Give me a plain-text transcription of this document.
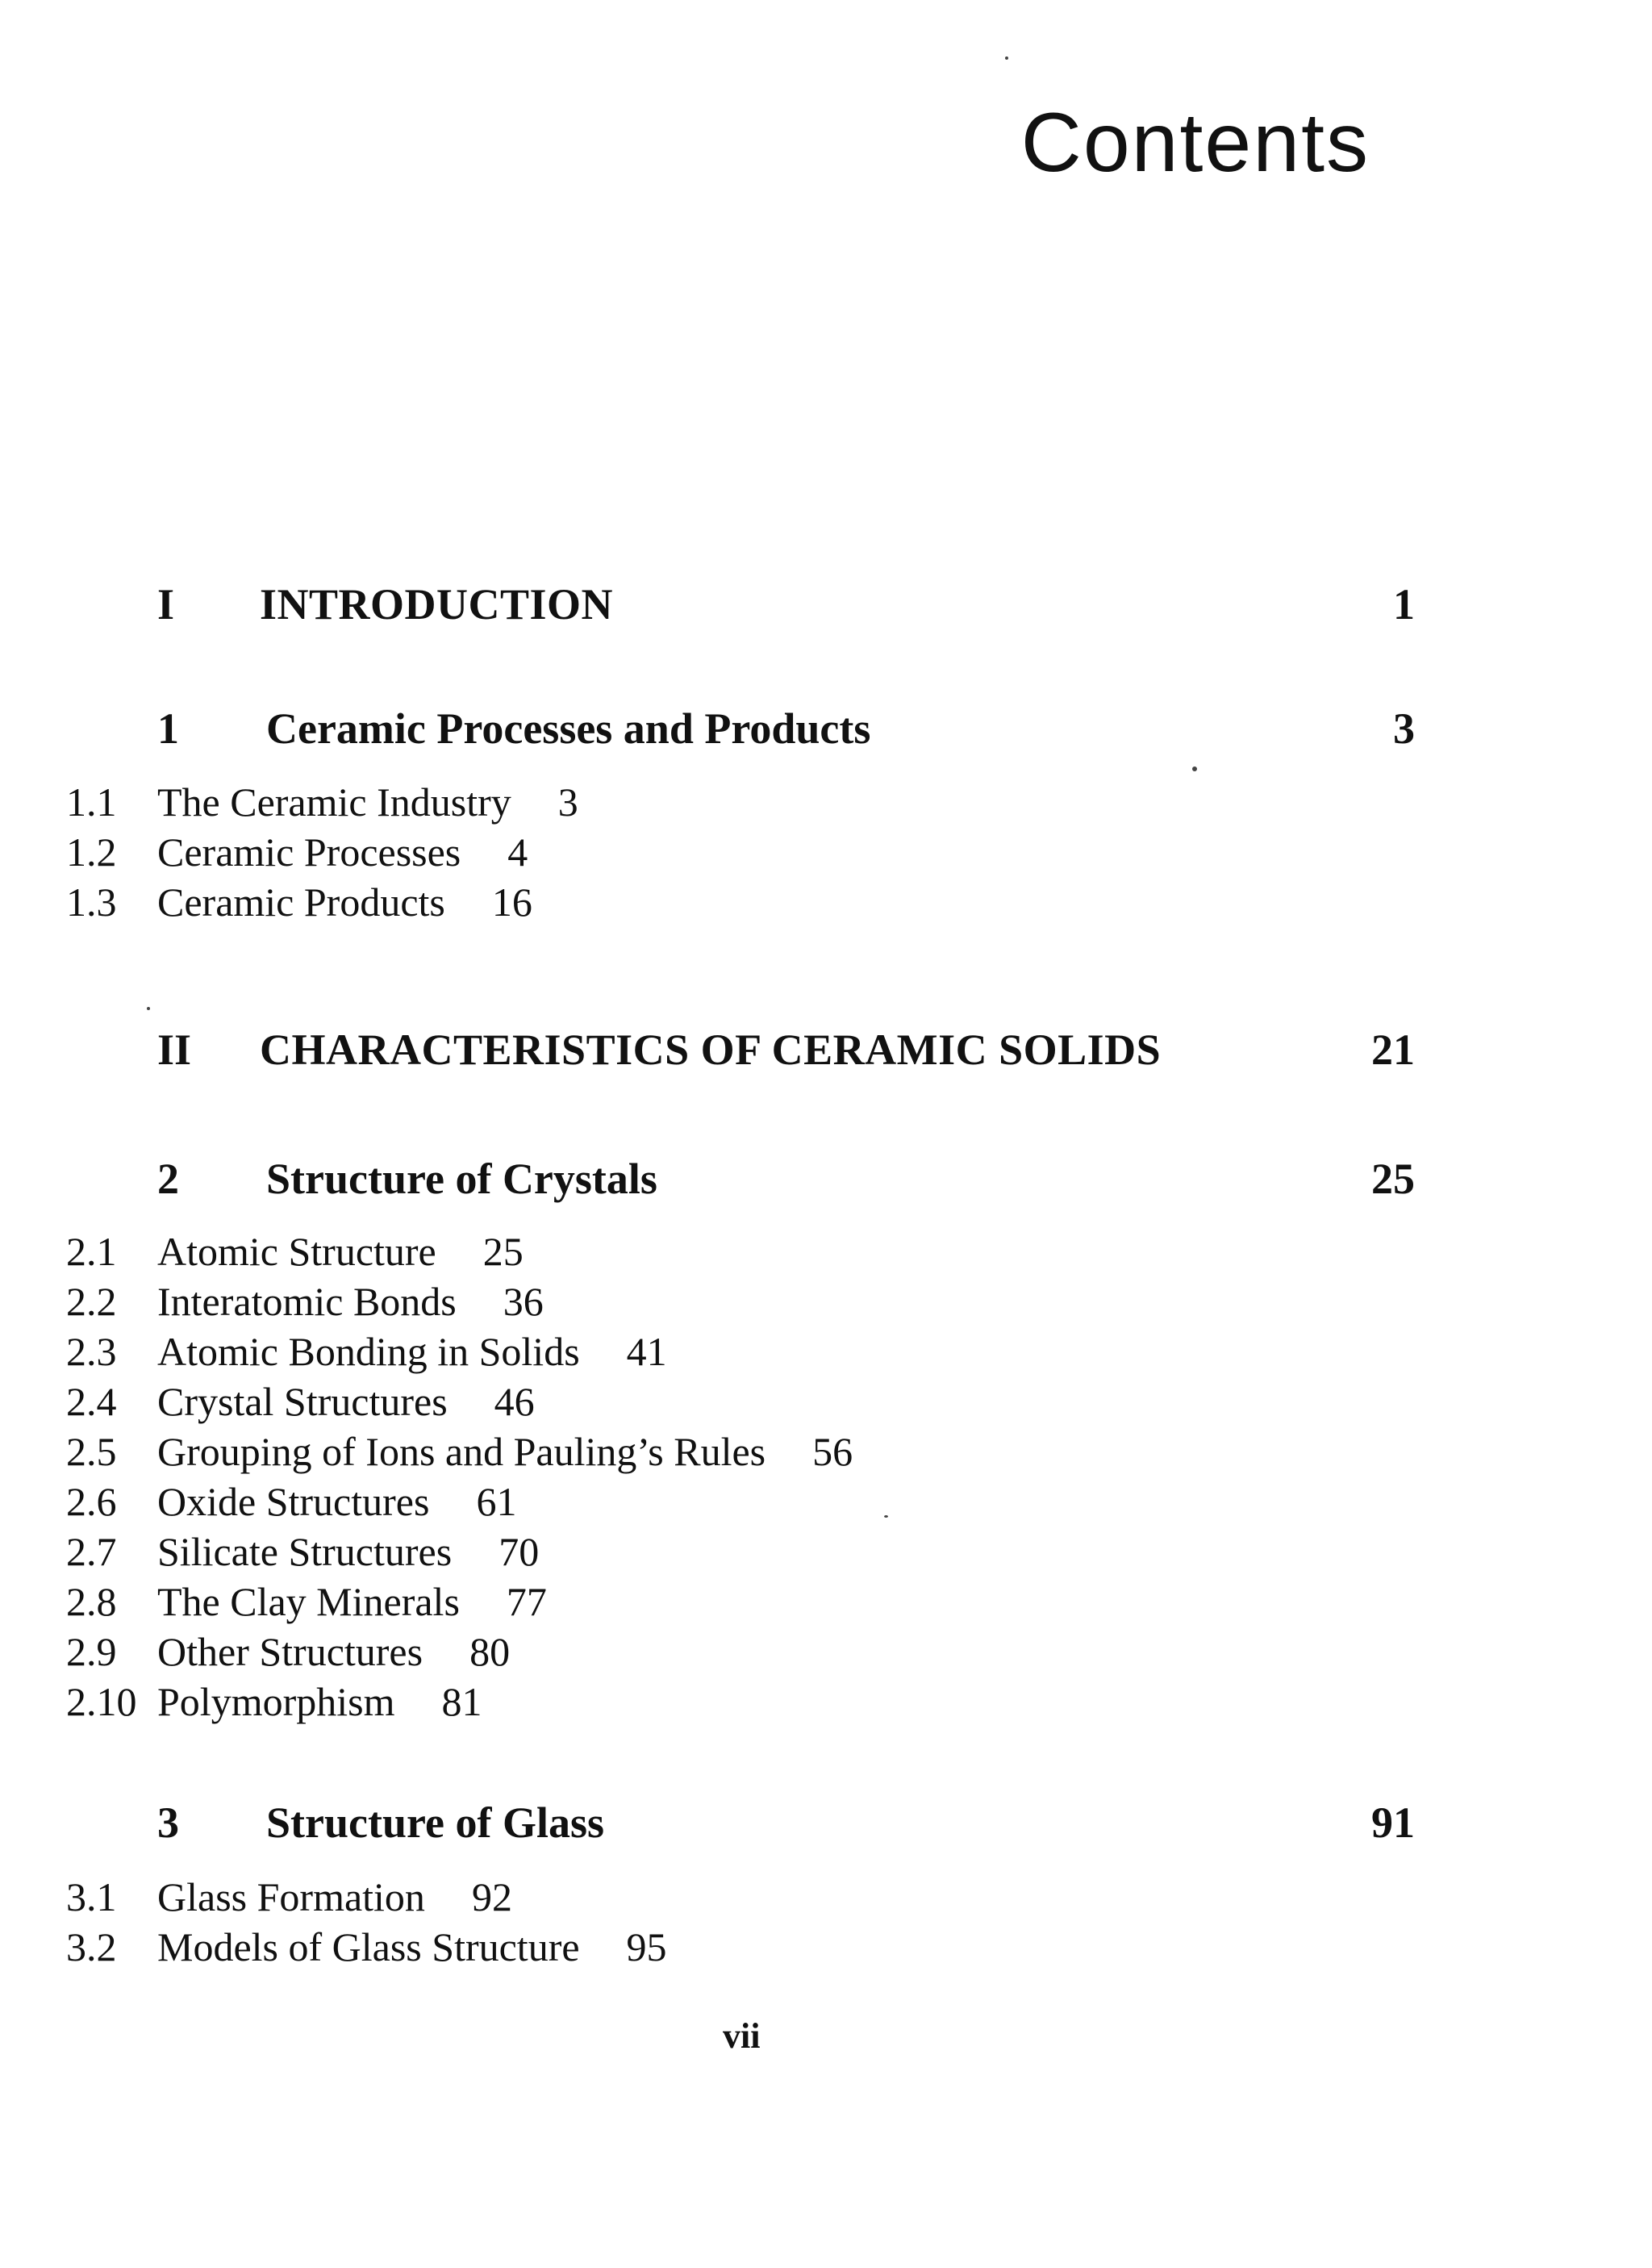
Contents
I INTRODUCTION	1
1 Ceramic Processes and Products	3
1.1 The Ceramic Industry 3
1.2 Ceramic Processes 4
1.3 Ceramic Products 16
II CHARACTERISTICS OF CERAMIC SOLIDS	21
2 Structure of Crystals	25
2.1 Atomic Structure 25
2.2 Interatomic Bonds 36
2.3 Atomic Bonding in Solids 41
2.4 Crystal Structures 46
2.5 Grouping of Ions and Pauling’s Rules 56
2.6 Oxide Structures 61
2.7 Silicate Structures 70
2.8 The Clay Minerals 77
2.9 Other Structures 80
2.10 Polymorphism 81
3 Structure of Glass	91
3.1 Glass Formation 92
3.2 Models of Glass Structure 95
vii
